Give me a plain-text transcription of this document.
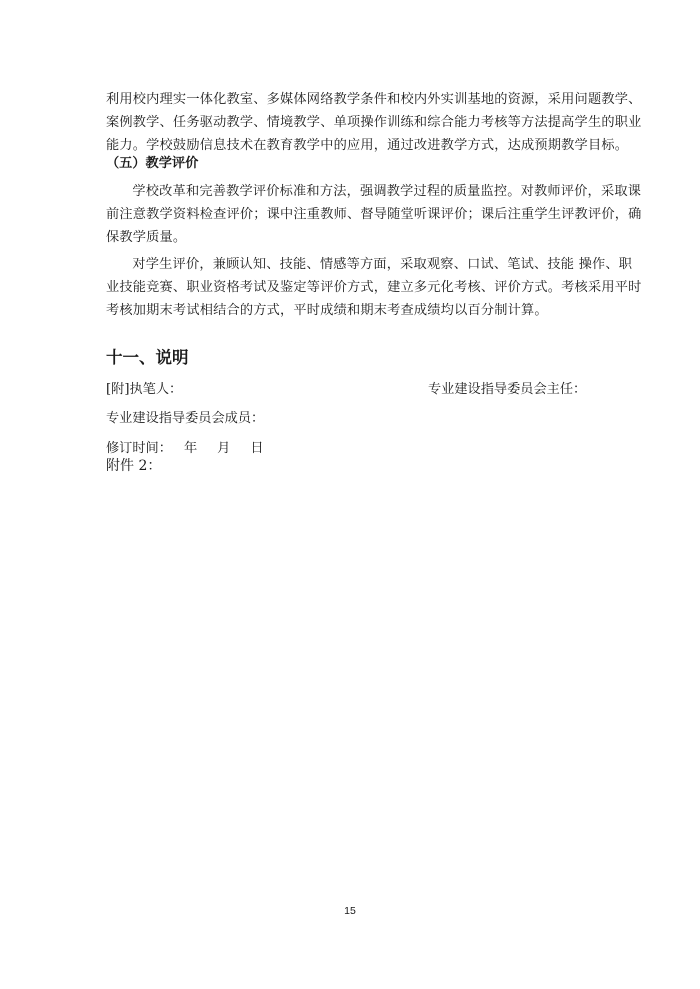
利用校内理实一体化教室、多媒体网络教学条件和校内外实训基地的资源，采用问题教学、
案例教学、任务驱动教学、情境教学、单项操作训练和综合能力考核等方法提高学生的职业
能力。学校鼓励信息技术在教育教学中的应用，通过改进教学方式，达成预期教学目标。

（五）教学评价

学校改革和完善教学评价标准和方法，强调教学过程的质量监控。对教师评价，采取课
前注意教学资料检查评价；课中注重教师、督导随堂听课评价；课后注重学生评教评价，确
保教学质量。

对学生评价，兼顾认知、技能、情感等方面，采取观察、口试、笔试、技能 操作、职
业技能竞赛、职业资格考试及鉴定等评价方式，建立多元化考核、评价方式。考核采用平时
考核加期末考试相结合的方式，平时成绩和期末考查成绩均以百分制计算。

十一、说明

[附]执笔人：	专业建设指导委员会主任：

专业建设指导委员会成员：

修订时间： 年 月 日

附件 2：

15
